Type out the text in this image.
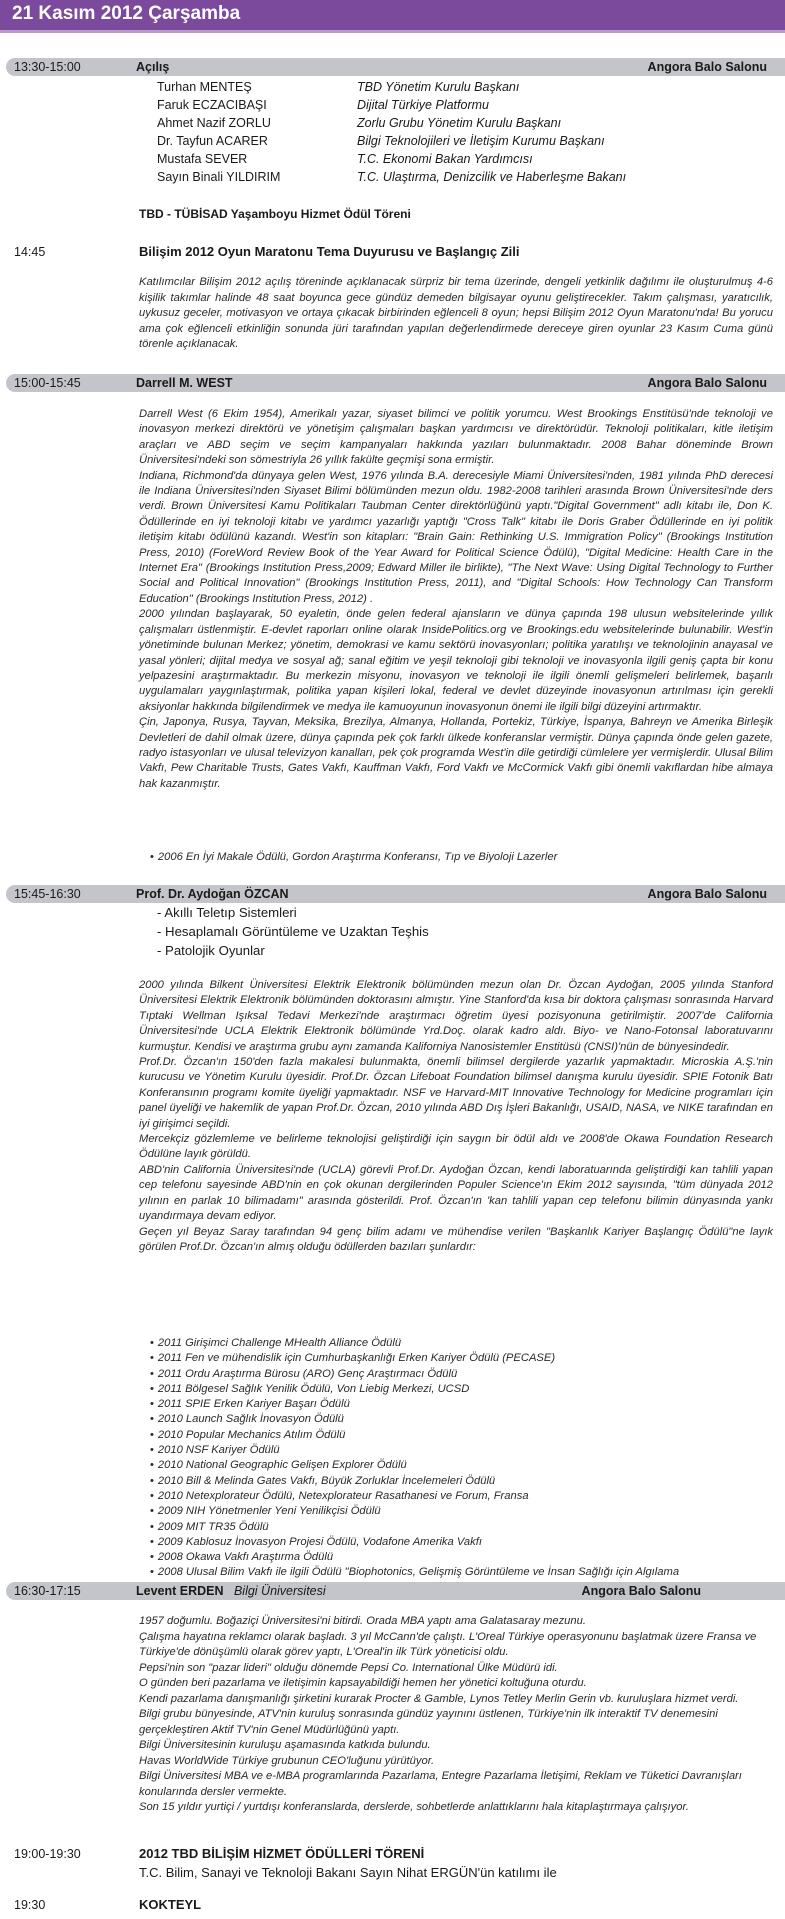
21 Kasım 2012 Çarşamba
13:30-15:00	Açılış	Angora Balo Salonu
Turhan MENTEŞ	TBD Yönetim Kurulu Başkanı
Faruk ECZACIBAŞI	Dijital Türkiye Platformu
Ahmet Nazif ZORLU	Zorlu Grubu Yönetim Kurulu Başkanı
Dr. Tayfun ACARER	Bilgi Teknolojileri ve İletişim Kurumu Başkanı
Mustafa SEVER	T.C. Ekonomi Bakan Yardımcısı
Sayın Binali YILDIRIM	T.C. Ulaştırma, Denizcilik ve Haberleşme Bakanı
TBD - TÜBİSAD Yaşamboyu Hizmet Ödül Töreni
14:45	Bilişim 2012 Oyun Maratonu Tema Duyurusu ve Başlangıç Zili

Katılımcılar Bilişim 2012 açılış töreninde açıklanacak sürpriz bir tema üzerinde, dengeli yetkinlik dağılımı ile oluşturulmuş 4-6 kişilik takımlar halinde 48 saat boyunca gece gündüz demeden bilgisayar oyunu geliştirecekler. Takım çalışması, yaratıcılık, uykusuz geceler, motivasyon ve ortaya çıkacak birbirinden eğlenceli 8 oyun; hepsi Bilişim 2012 Oyun Maratonu'nda! Bu yorucu ama çok eğlenceli etkinliğin sonunda jüri tarafından yapılan değerlendirmede dereceye giren oyunlar 23 Kasım Cuma günü törenle açıklanacak.

15:00-15:45	Darrell M. WEST	Angora Balo Salonu

Darrell West (6 Ekim 1954), Amerikalı yazar, siyaset bilimci ve politik yorumcu. West Brookings Enstitüsü'nde teknoloji ve inovasyon merkezi direktörü ve yönetişim çalışmaları başkan yardımcısı ve direktörüdür. Teknoloji politikaları, kitle iletişim araçları ve ABD seçim ve seçim kampanyaları hakkında yazıları bulunmaktadır. 2008 Bahar döneminde Brown Üniversitesi'ndeki son sömestriyla 26 yıllık fakülte geçmişi sona ermiştir.

Indiana, Richmond'da dünyaya gelen West, 1976 yılında B.A. derecesiyle Miami Üniversitesi'nden, 1981 yılında PhD derecesi ile Indiana Üniversitesi'nden Siyaset Bilimi bölümünden mezun oldu. 1982-2008 tarihleri arasında Brown Üniversitesi'nde ders verdi. Brown Üniversitesi Kamu Politikaları Taubman Center direktörlüğünü yaptı."Digital Government" adlı kitabı ile, Don K. Ödüllerinde en iyi teknoloji kitabı ve yardımcı yazarlığı yaptığı "Cross Talk" kitabı ile Doris Graber Ödüllerinde en iyi politik iletişim kitabı ödülünü kazandı. West'in son kitapları: "Brain Gain: Rethinking U.S. Immigration Policy" (Brookings Institution Press, 2010) (ForeWord Review Book of the Year Award for Political Science Ödülü), "Digital Medicine: Health Care in the Internet Era" (Brookings Institution Press,2009; Edward Miller ile birlikte), "The Next Wave: Using Digital Technology to Further Social and Political Innovation" (Brookings Institution Press, 2011), and "Digital Schools: How Technology Can Transform Education" (Brookings Institution Press, 2012) .

2000 yılından başlayarak, 50 eyaletin, önde gelen federal ajansların ve dünya çapında 198 ulusun websitelerinde yıllık çalışmaları üstlenmiştir. E-devlet raporları online olarak InsidePolitics.org ve Brookings.edu websitelerinde bulunabilir. West'in yönetiminde bulunan Merkez; yönetim, demokrasi ve kamu sektörü inovasyonları; politika yaratılışı ve teknolojinin anayasal ve yasal yönleri; dijital medya ve sosyal ağ; sanal eğitim ve yeşil teknoloji gibi teknoloji ve inovasyonla ilgili geniş çapta bir konu yelpazesini araştırmaktadır. Bu merkezin misyonu, inovasyon ve teknoloji ile ilgili önemli gelişmeleri belirlemek, başarılı uygulamaları yaygınlaştırmak, politika yapan kişileri lokal, federal ve devlet düzeyinde inovasyonun artırılması için gerekli aksiyonlar hakkında bilgilendirmek ve medya ile kamuoyunun inovasyonun önemi ile ilgili bilgi düzeyini artırmaktır.

Çin, Japonya, Rusya, Tayvan, Meksika, Brezilya, Almanya, Hollanda, Portekiz, Türkiye, İspanya, Bahreyn ve Amerika Birleşik Devletleri de dahil olmak üzere, dünya çapında pek çok farklı ülkede konferanslar vermiştir. Dünya çapında önde gelen gazete, radyo istasyonları ve ulusal televizyon kanalları, pek çok programda West'in dile getirdiği cümlelere yer vermişlerdir. Ulusal Bilim Vakfı, Pew Charitable Trusts, Gates Vakfı, Kauffman Vakfı, Ford Vakfı ve McCormick Vakfı gibi önemli vakıflardan hibe almaya hak kazanmıştır.

• 2006 En İyi Makale Ödülü, Gordon Araştırma Konferansı, Tıp ve Biyoloji Lazerler
15:45-16:30	Prof. Dr. Aydoğan ÖZCAN	Angora Balo Salonu
- Akıllı Teletıp Sistemleri
- Hesaplamalı Görüntüleme ve Uzaktan Teşhis
- Patolojik Oyunlar

2000 yılında Bilkent Üniversitesi Elektrik Elektronik bölümünden mezun olan Dr. Özcan Aydoğan, 2005 yılında Stanford Üniversitesi Elektrik Elektronik bölümünden doktorasını almıştır. Yine Stanford'da kısa bir doktora çalışması sonrasında Harvard Tıptaki Wellman Işıksal Tedavi Merkezi'nde araştırmacı öğretim üyesi pozisyonuna getirilmiştir. 2007'de California Üniversitesi'nde UCLA Elektrik Elektronik bölümünde Yrd.Doç. olarak kadro aldı. Biyo- ve Nano-Fotonsal laboratuvarını kurmuştur. Kendisi ve araştırma grubu aynı zamanda Kaliforniya Nanosistemler Enstitüsü (CNSI)'nün de bünyesindedir.

Prof.Dr. Özcan'ın 150'den fazla makalesi bulunmakta, önemli bilimsel dergilerde yazarlık yapmaktadır. Microskia A.Ş.'nin kurucusu ve Yönetim Kurulu üyesidir. Prof.Dr. Özcan Lifeboat Foundation bilimsel danışma kurulu üyesidir. SPIE Fotonik Batı Konferansının programı komite üyeliği yapmaktadır. NSF ve Harvard-MIT Innovative Technology for Medicine programları için panel üyeliği ve hakemlik de yapan Prof.Dr. Özcan, 2010 yılında ABD Dış İşleri Bakanlığı, USAID, NASA, ve NIKE tarafından en iyi girişimci seçildi.

Mercekçiz gözlemleme ve belirleme teknolojisi geliştirdiği için saygın bir ödül aldı ve 2008'de Okawa Foundation Research Ödülüne layık görüldü.

ABD'nin California Üniversitesi'nde (UCLA) görevli Prof.Dr. Aydoğan Özcan, kendi laboratuarında geliştirdiği kan tahlili yapan cep telefonu sayesinde ABD'nin en çok okunan dergilerinden Populer Science'ın Ekim 2012 sayısında, "tüm dünyada 2012 yılının en parlak 10 bilimadamı" arasında gösterildi. Prof. Özcan'ın 'kan tahlili yapan cep telefonu bilimin dünyasında yankı uyandırmaya devam ediyor.

Geçen yıl Beyaz Saray tarafından 94 genç bilim adamı ve mühendise verilen "Başkanlık Kariyer Başlangıç Ödülü"ne layık görülen Prof.Dr. Özcan'ın almış olduğu ödüllerden bazıları şunlardır:

• 2011 Girişimci Challenge MHealth Alliance Ödülü
• 2011 Fen ve mühendislik için Cumhurbaşkanlığı Erken Kariyer Ödülü (PECASE)
• 2011 Ordu Araştırma Bürosu (ARO) Genç Araştırmacı Ödülü
• 2011 Bölgesel Sağlık Yenilik Ödülü, Von Liebig Merkezi, UCSD
• 2011 SPIE Erken Kariyer Başarı Ödülü
• 2010 Launch Sağlık İnovasyon Ödülü
• 2010 Popular Mechanics Atılım Ödülü
• 2010 NSF Kariyer Ödülü
• 2010 National Geographic Gelişen Explorer Ödülü
• 2010 Bill & Melinda Gates Vakfı, Büyük Zorluklar İncelemeleri Ödülü
• 2010 Netexplorateur Ödülü, Netexplorateur Rasathanesi ve Forum, Fransa
• 2009 NIH Yönetmenler Yeni Yenilikçisi Ödülü
• 2009 MIT TR35 Ödülü
• 2009 Kablosuz İnovasyon Projesi Ödülü, Vodafone Amerika Vakfı
• 2008 Okawa Vakfı Araştırma Ödülü
• 2008 Ulusal Bilim Vakfı ile ilgili Ödülü "Biophotonics, Gelişmiş Görüntüleme ve İnsan Sağlığı için Algılama
16:30-17:15	Levent ERDEN Bilgi Üniversitesi	Angora Balo Salonu

1957 doğumlu. Boğaziçi Üniversitesi'ni bitirdi. Orada MBA yaptı ama Galatasaray mezunu.

Çalışma hayatına reklamcı olarak başladı. 3 yıl McCann'de çalıştı. L'Oreal Türkiye operasyonunu başlatmak üzere Fransa ve Türkiye'de dönüşümlü olarak görev yaptı, L'Oreal'in ilk Türk yöneticisi oldu.

Pepsi'nin son "pazar lideri" olduğu dönemde Pepsi Co. International Ülke Müdürü idi.

O günden beri pazarlama ve iletişimin kapsayabildiği hemen her yönetici koltuğuna oturdu.

Kendi pazarlama danışmanlığı şirketini kurarak Procter & Gamble, Lynos Tetley Merlin Gerin vb. kuruluşlara hizmet verdi.

Bilgi grubu bünyesinde, ATV'nin kuruluş sonrasında gündüz yayınını üstlenen, Türkiye'nin ilk interaktif TV denemesini gerçekleştiren Aktif TV'nin Genel Müdürlüğünü yaptı.

Bilgi Üniversitesinin kuruluşu aşamasında katkıda bulundu.

Havas WorldWide Türkiye grubunun CEO'luğunu yürütüyor.

Bilgi Üniversitesi MBA ve e-MBA programlarında Pazarlama, Entegre Pazarlama İletişimi, Reklam ve Tüketici Davranışları konularında dersler vermekte.

Son 15 yıldır yurtiçi / yurtdışı konferanslarda, derslerde, sohbetlerde anlattıklarını hala kitaplaştırmaya çalışıyor.

19:00-19:30	2012 TBD BİLİŞİM HİZMET ÖDÜLLERİ TÖRENİ
T.C. Bilim, Sanayi ve Teknoloji Bakanı Sayın Nihat ERGÜN'ün katılımı ile
19:30	KOKTEYL
